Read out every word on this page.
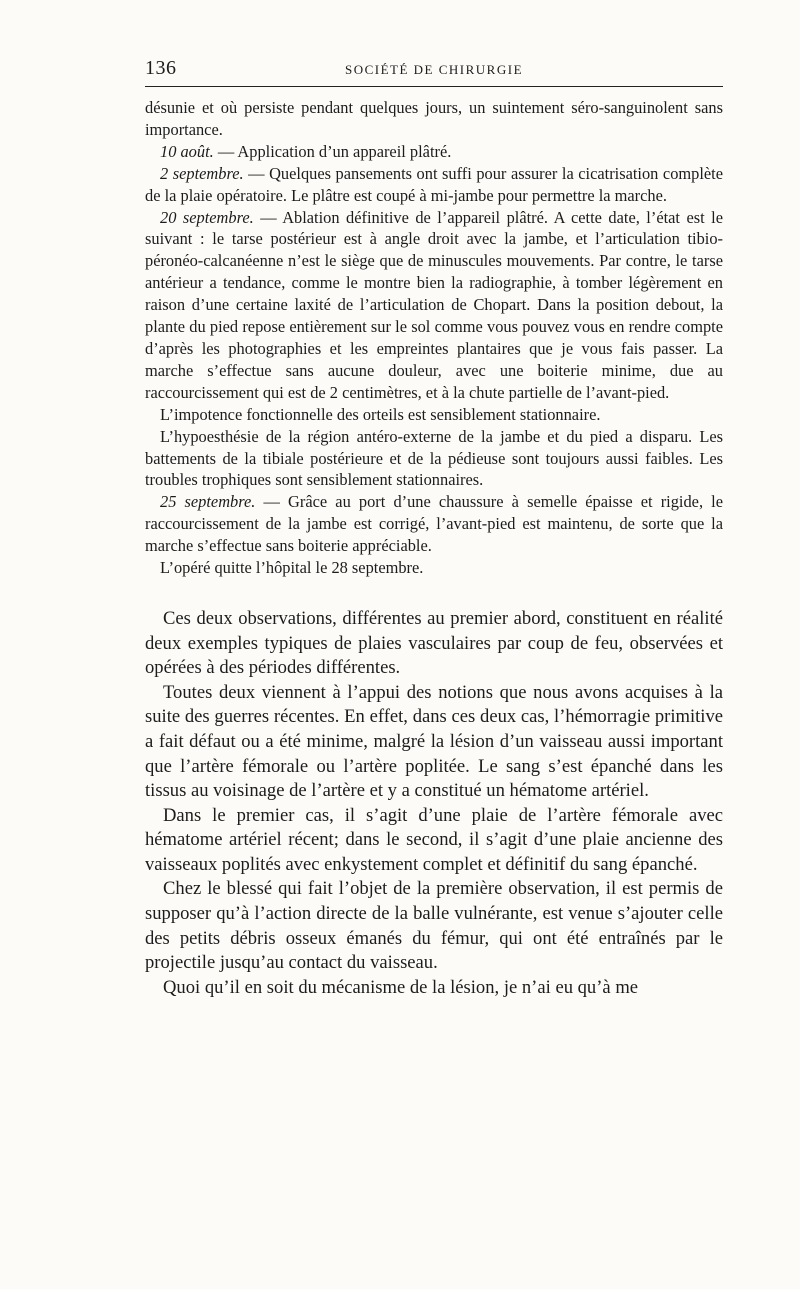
136	SOCIÉTÉ DE CHIRURGIE

désunie et où persiste pendant quelques jours, un suintement séro-sanguinolent sans importance.

10 août. — Application d’un appareil plâtré.

2 septembre. — Quelques pansements ont suffi pour assurer la cicatrisation complète de la plaie opératoire. Le plâtre est coupé à mi-jambe pour permettre la marche.

20 septembre. — Ablation définitive de l’appareil plâtré. A cette date, l’état est le suivant : le tarse postérieur est à angle droit avec la jambe, et l’articulation tibio-péronéo-calcanéenne n’est le siège que de minuscules mouvements. Par contre, le tarse antérieur a tendance, comme le montre bien la radiographie, à tomber légèrement en raison d’une certaine laxité de l’articulation de Chopart. Dans la position debout, la plante du pied repose entièrement sur le sol comme vous pouvez vous en rendre compte d’après les photographies et les empreintes plantaires que je vous fais passer. La marche s’effectue sans aucune douleur, avec une boiterie minime, due au raccourcissement qui est de 2 centimètres, et à la chute partielle de l’avant-pied.

L’impotence fonctionnelle des orteils est sensiblement stationnaire.

L’hypoesthésie de la région antéro-externe de la jambe et du pied a disparu. Les battements de la tibiale postérieure et de la pédieuse sont toujours aussi faibles. Les troubles trophiques sont sensiblement stationnaires.

25 septembre. — Grâce au port d’une chaussure à semelle épaisse et rigide, le raccourcissement de la jambe est corrigé, l’avant-pied est maintenu, de sorte que la marche s’effectue sans boiterie appréciable.

L’opéré quitte l’hôpital le 28 septembre.

Ces deux observations, différentes au premier abord, constituent en réalité deux exemples typiques de plaies vasculaires par coup de feu, observées et opérées à des périodes différentes.

Toutes deux viennent à l’appui des notions que nous avons acquises à la suite des guerres récentes. En effet, dans ces deux cas, l’hémorragie primitive a fait défaut ou a été minime, malgré la lésion d’un vaisseau aussi important que l’artère fémorale ou l’artère poplitée. Le sang s’est épanché dans les tissus au voisinage de l’artère et y a constitué un hématome artériel.

Dans le premier cas, il s’agit d’une plaie de l’artère fémorale avec hématome artériel récent; dans le second, il s’agit d’une plaie ancienne des vaisseaux poplités avec enkystement complet et définitif du sang épanché.

Chez le blessé qui fait l’objet de la première observation, il est permis de supposer qu’à l’action directe de la balle vulnérante, est venue s’ajouter celle des petits débris osseux émanés du fémur, qui ont été entraînés par le projectile jusqu’au contact du vaisseau.

Quoi qu’il en soit du mécanisme de la lésion, je n’ai eu qu’à me
